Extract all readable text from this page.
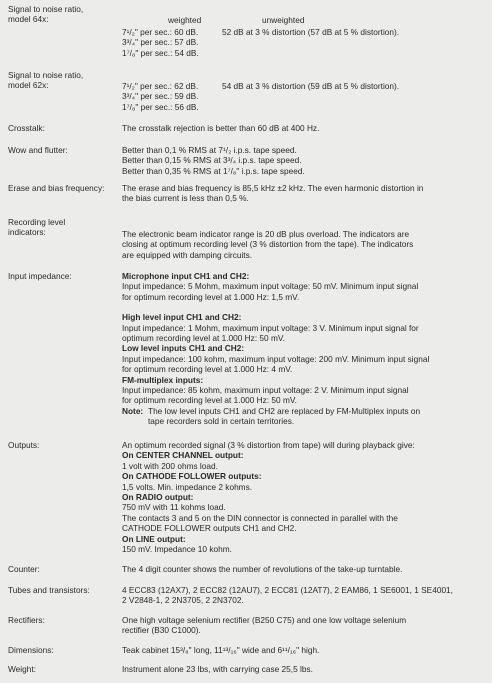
Signal to noise ratio,
model 64x:	weighted	unweighted
7¹/₂" per sec.: 60 dB.	52 dB at 3 % distortion (57 dB at 5 % distortion).
3³/₄" per sec.: 57 dB.
1⁷/₈" per sec.: 54 dB.
Signal to noise ratio,
model 62x:	7¹/₂" per sec.: 62 dB.	54 dB at 3 % distortion (59 dB at 5 % distortion).
3³/₄" per sec.: 59 dB.
1⁷/₈" per sec.: 56 dB.
Crosstalk:	The crosstalk rejection is better than 60 dB at 400 Hz.
Wow and flutter:	Better than 0,1 % RMS at 7¹/₂ i.p.s. tape speed.
Better than 0,15 % RMS at 3³/₄ i.p.s. tape speed.
Better than 0,35 % RMS at 1⁷/₈" i.p.s. tape speed.
Erase and bias frequency:	The erase and bias frequency is 85,5 kHz ±2 kHz. The even harmonic distortion in
the bias current is less than 0,5 %.
Recording level
indicators:	The electronic beam indicator range is 20 dB plus overload. The indicators are
closing at optimum recording level (3 % distortion from the tape). The indicators
are equipped with damping circuits.
Input impedance:	Microphone input CH1 and CH2:
Input impedance: 5 Mohm, maximum input voltage: 50 mV. Minimum input signal
for optimum recording level at 1.000 Hz: 1,5 mV.
High level input CH1 and CH2:
Input impedance: 1 Mohm, maximum input voltage: 3 V. Minimum input signal for
optimum recording level at 1.000 Hz: 50 mV.
Low level inputs CH1 and CH2:
Input impedance: 100 kohm, maximum input voltage: 200 mV. Minimum input signal
for optimum recording level at 1.000 Hz: 4 mV.
FM-multiplex inputs:
Input impedance: 85 kohm, maximum input voltage: 2 V. Minimum input signal
for optimum recording level at 1.000 Hz: 50 mV.
Note: The low level inputs CH1 and CH2 are replaced by FM-Multiplex inputs on
tape recorders sold in certain territories.
Outputs:	An optimum recorded signal (3 % distortion from tape) will during playback give:
On CENTER CHANNEL output:
1 volt with 200 ohms load.
On CATHODE FOLLOWER outputs:
1,5 volts. Min. impedance 2 kohms.
On RADIO output:
750 mV with 11 kohms load.
The contacts 3 and 5 on the DIN connector is connected in parallel with the
CATHODE FOLLOWER outputs CH1 and CH2.
On LINE output:
150 mV. Impedance 10 kohm.
Counter:	The 4 digit counter shows the number of revolutions of the take-up turntable.
Tubes and transistors:	4 ECC83 (12AX7), 2 ECC82 (12AU7), 2 ECC81 (12AT7), 2 EAM86, 1 SE6001, 1 SE4001,
2 V2848-1, 2 2N3705, 2 2N3702.
Rectifiers:	One high voltage selenium rectifier (B250 C75) and one low voltage selenium
rectifier (B30 C1000).
Dimensions:	Teak cabinet 15³/₈" long, 11¹³/₁₆" wide and 6¹¹/₁₆" high.
Weight:	Instrument alone 23 lbs, with carrying case 25,5 lbs.
